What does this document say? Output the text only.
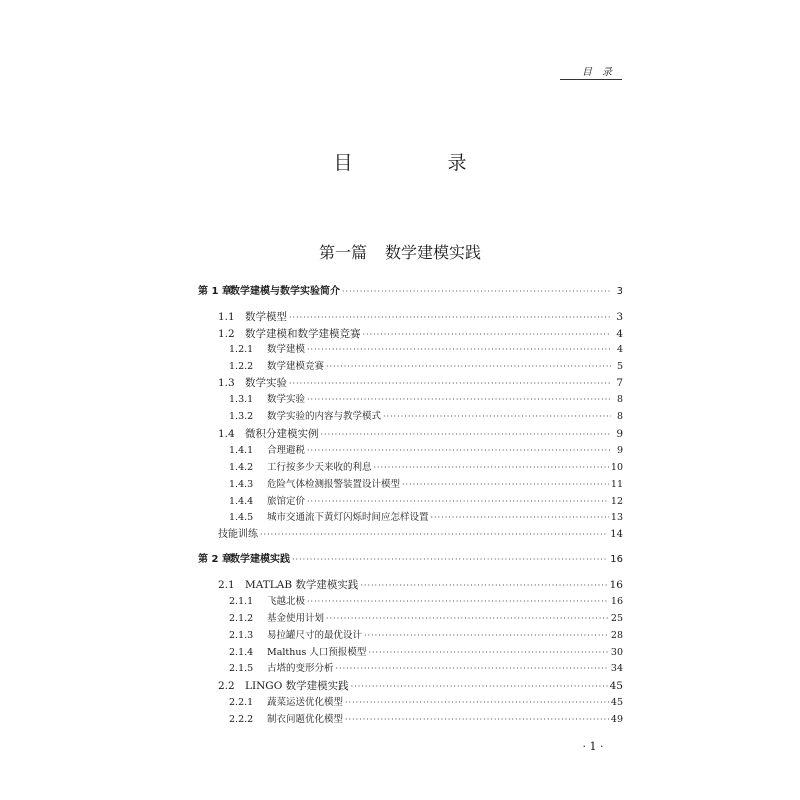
目录
目　录
第一篇 数学建模实践
第 1 章数学建模与数学实验简介 ·····	3
1.1 数学模型 ·····	3
1.2 数学建模和数学建模竞赛 ·····	4
1.2.1 数学建模 ·····	4
1.2.2 数学建模竞赛 ·····	5
1.3 数学实验 ·····	7
1.3.1 数学实验 ·····	8
1.3.2 数学实验的内容与教学模式 ·····	8
1.4 微积分建模实例 ·····	9
1.4.1 合理避税 ·····	9
1.4.2 工行按多少天来收的利息 ·····	10
1.4.3 危险气体检测报警装置设计模型 ·····	11
1.4.4 旅馆定价 ·····	12
1.4.5 城市交通流下黄灯闪烁时间应怎样设置 ·····	13
技能训练 ·····	14
第 2 章数学建模实践 ·····	16
2.1 MATLAB 数学建模实践 ·····	16
2.1.1 飞越北极 ·····	16
2.1.2 基金使用计划 ·····	25
2.1.3 易拉罐尺寸的最优设计 ·····	28
2.1.4 Malthus 人口预报模型 ·····	30
2.1.5 古塔的变形分析 ·····	34
2.2 LINGO 数学建模实践 ·····	45
2.2.1 蔬菜运送优化模型 ·····	45
2.2.2 制衣问题优化模型 ·····	49
· 1 ·
